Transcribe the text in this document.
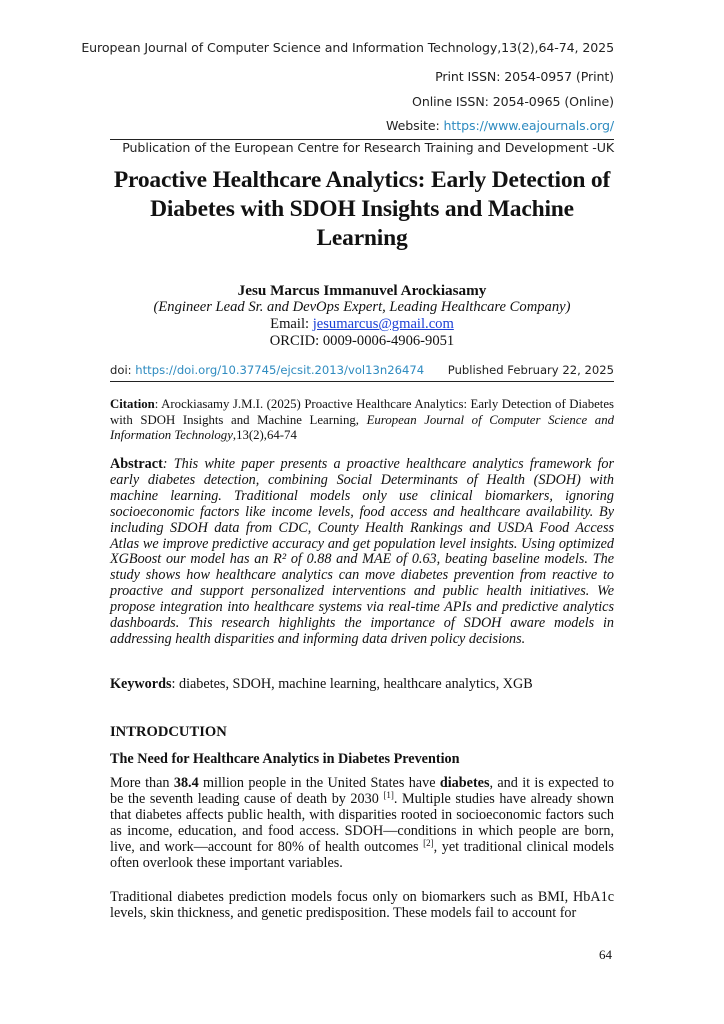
European Journal of Computer Science and Information Technology,13(2),64-74, 2025
Print ISSN: 2054-0957 (Print)
Online ISSN: 2054-0965 (Online)
Website: https://www.eajournals.org/
Publication of the European Centre for Research Training and Development -UK
Proactive Healthcare Analytics: Early Detection of Diabetes with SDOH Insights and Machine Learning
Jesu Marcus Immanuvel Arockiasamy
(Engineer Lead Sr. and DevOps Expert, Leading Healthcare Company)
Email: jesumarcus@gmail.com
ORCID: 0009-0006-4906-9051
doi: https://doi.org/10.37745/ejcsit.2013/vol13n26474 Published February 22, 2025
Citation: Arockiasamy J.M.I. (2025) Proactive Healthcare Analytics: Early Detection of Diabetes with SDOH Insights and Machine Learning, European Journal of Computer Science and Information Technology,13(2),64-74
Abstract: This white paper presents a proactive healthcare analytics framework for early diabetes detection, combining Social Determinants of Health (SDOH) with machine learning. Traditional models only use clinical biomarkers, ignoring socioeconomic factors like income levels, food access and healthcare availability. By including SDOH data from CDC, County Health Rankings and USDA Food Access Atlas we improve predictive accuracy and get population level insights. Using optimized XGBoost our model has an R² of 0.88 and MAE of 0.63, beating baseline models. The study shows how healthcare analytics can move diabetes prevention from reactive to proactive and support personalized interventions and public health initiatives. We propose integration into healthcare systems via real-time APIs and predictive analytics dashboards. This research highlights the importance of SDOH aware models in addressing health disparities and informing data driven policy decisions.
Keywords: diabetes, SDOH, machine learning, healthcare analytics, XGB
INTRODCUTION
The Need for Healthcare Analytics in Diabetes Prevention
More than 38.4 million people in the United States have diabetes, and it is expected to be the seventh leading cause of death by 2030 [1]. Multiple studies have already shown that diabetes affects public health, with disparities rooted in socioeconomic factors such as income, education, and food access. SDOH—conditions in which people are born, live, and work—account for 80% of health outcomes [2], yet traditional clinical models often overlook these important variables.
Traditional diabetes prediction models focus only on biomarkers such as BMI, HbA1c levels, skin thickness, and genetic predisposition. These models fail to account for
64
